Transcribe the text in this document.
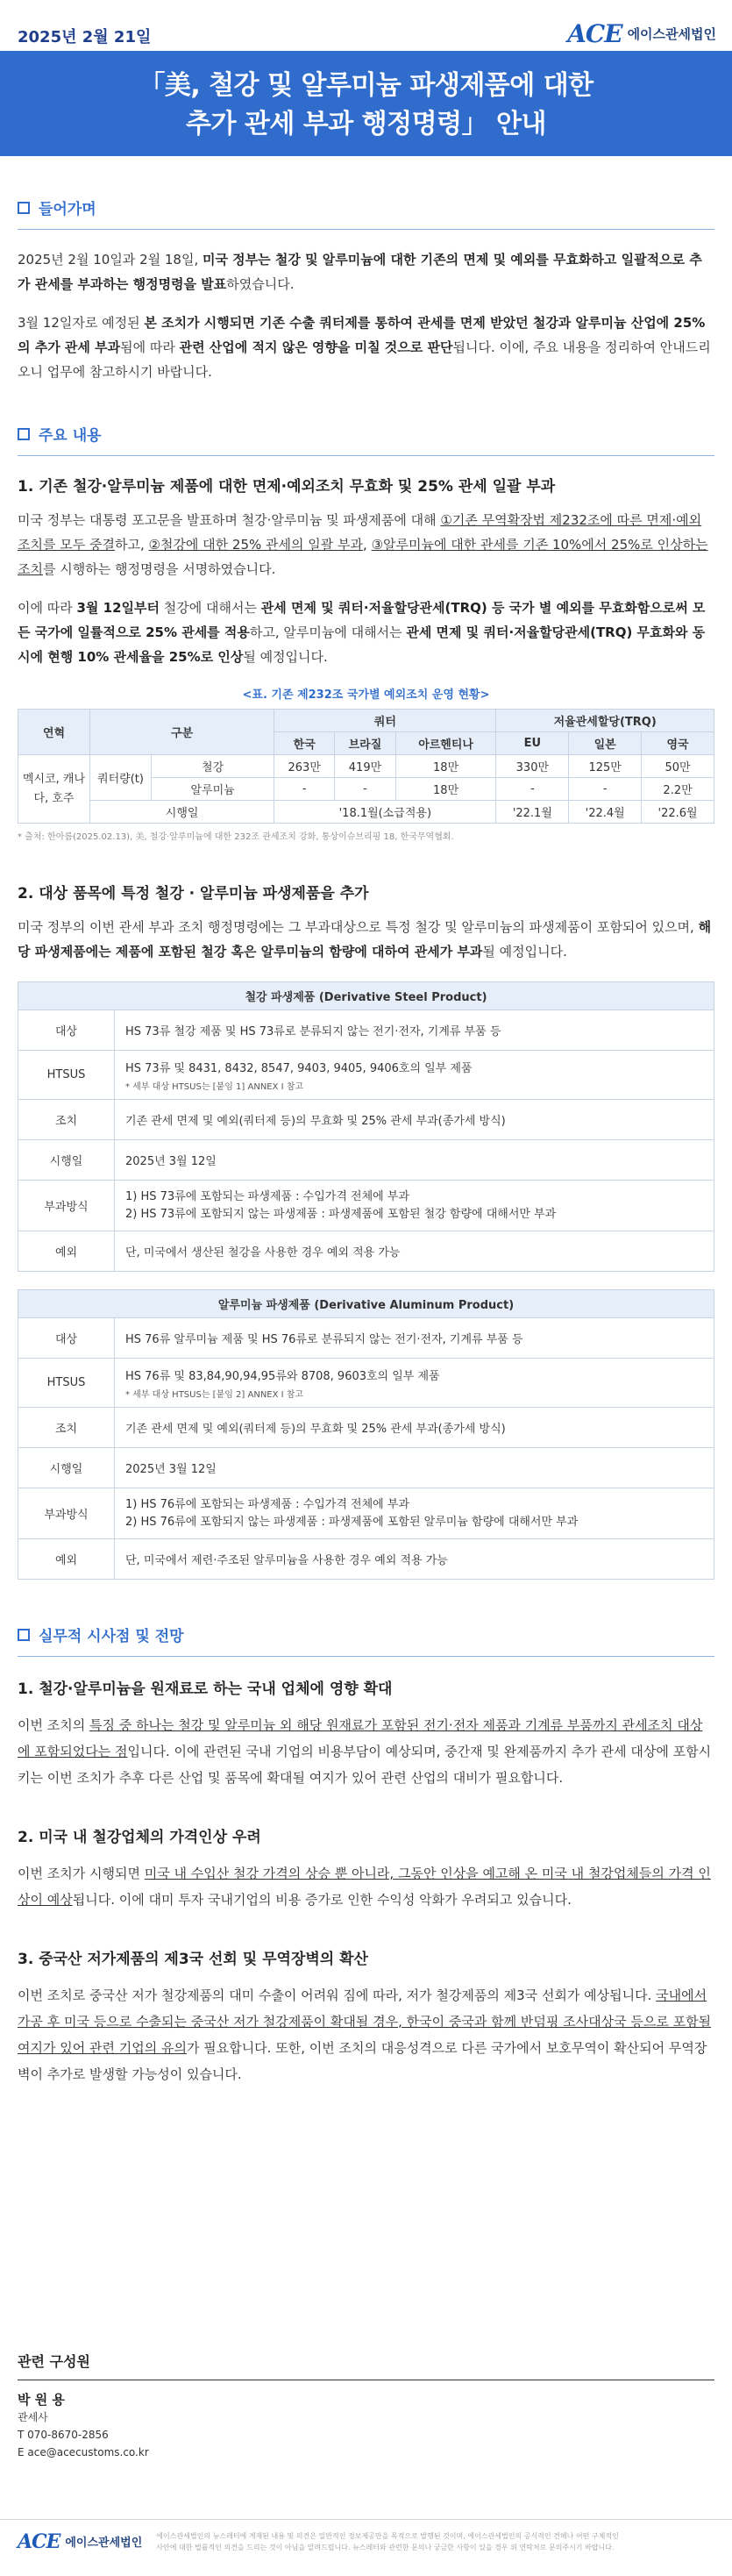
2025년 2월 21일	ACE 에이스관세법인
「美, 철강 및 알루미늄 파생제품에 대한
추가 관세 부과 행정명령」 안내
들어가며

2025년 2월 10일과 2월 18일, 미국 정부는 철강 및 알루미늄에 대한 기존의 면제 및 예외를 무효화하고 일괄적으로 추가 관세를 부과하는 행정명령을 발표하였습니다.

3월 12일자로 예정된 본 조치가 시행되면 기존 수출 쿼터제를 통하여 관세를 면제 받았던 철강과 알루미늄 산업에 25%의 추가 관세 부과됨에 따라 관련 산업에 적지 않은 영향을 미칠 것으로 판단됩니다. 이에, 주요 내용을 정리하여 안내드리오니 업무에 참고하시기 바랍니다.

주요 내용
1. 기존 철강·알루미늄 제품에 대한 면제·예외조치 무효화 및 25% 관세 일괄 부과

미국 정부는 대통령 포고문을 발표하며 철강·알루미늄 및 파생제품에 대해 ①기존 무역확장법 제232조에 따른 면제·예외 조치를 모두 중결하고, ②철강에 대한 25% 관세의 일괄 부과, ③알루미늄에 대한 관세를 기존 10%에서 25%로 인상하는 조치를 시행하는 행정명령을 서명하였습니다.

이에 따라 3월 12일부터 철강에 대해서는 관세 면제 및 쿼터·저율할당관세(TRQ) 등 국가 별 예외를 무효화함으로써 모든 국가에 일률적으로 25% 관세를 적용하고, 알루미늄에 대해서는 관세 면제 및 쿼터·저율할당관세(TRQ) 무효화와 동시에 현행 10% 관세율을 25%로 인상될 예정입니다.

<표. 기존 제232조 국가별 예외조치 운영 현황>
연혁	구분		쿼터			저율관세할당(TRQ)		
			한국	브라질	아르헨티나	EU	일본	영국
멕시코, 캐나다, 호주	쿼터량(t)	철강	263만	419만	18만	330만	125만	50만
		알루미늄	-	-	18만	-	-	2.2만
	시행일		'18.1월(소급적용)			'22.1월	'22.4월	'22.6월
* 출처: 한아름(2025.02.13), 美, 철강·알루미늄에 대한 232조 관세조치 강화, 통상이슈브리핑 18, 한국무역협회.
2. 대상 품목에 특정 철강 · 알루미늄 파생제품을 추가

미국 정부의 이번 관세 부과 조치 행정명령에는 그 부과대상으로 특정 철강 및 알루미늄의 파생제품이 포함되어 있으며, 해당 파생제품에는 제품에 포함된 철강 혹은 알루미늄의 함량에 대하여 관세가 부과될 예정입니다.

철강 파생제품 (Derivative Steel Product)	
대상	HS 73류 철강 제품 및 HS 73류로 분류되지 않는 전기·전자, 기계류 부품 등
HTSUS	HS 73류 및 8431, 8432, 8547, 9403, 9405, 9406호의 일부 제품
* 세부 대상 HTSUS는 [붙임 1] ANNEX I 참고

조치	기존 관세 면제 및 예외(쿼터제 등)의 무효화 및 25% 관세 부과(종가세 방식)
시행일	2025년 3월 12일
부과방식	1) HS 73류에 포함되는 파생제품 : 수입가격 전체에 부과
2) HS 73류에 포함되지 않는 파생제품 : 파생제품에 포함된 철강 함량에 대해서만 부과

예외	단, 미국에서 생산된 철강을 사용한 경우 예외 적용 가능
알루미늄 파생제품 (Derivative Aluminum Product)	
대상	HS 76류 알루미늄 제품 및 HS 76류로 분류되지 않는 전기·전자, 기계류 부품 등
HTSUS	HS 76류 및 83,84,90,94,95류와 8708, 9603호의 일부 제품
* 세부 대상 HTSUS는 [붙임 2] ANNEX I 참고

조치	기존 관세 면제 및 예외(쿼터제 등)의 무효화 및 25% 관세 부과(종가세 방식)
시행일	2025년 3월 12일
부과방식	1) HS 76류에 포함되는 파생제품 : 수입가격 전체에 부과
2) HS 76류에 포함되지 않는 파생제품 : 파생제품에 포함된 알루미늄 함량에 대해서만 부과

예외	단, 미국에서 제련·주조된 알루미늄을 사용한 경우 예외 적용 가능
실무적 시사점 및 전망
1. 철강·알루미늄을 원재료로 하는 국내 업체에 영향 확대

이번 조치의 특징 중 하나는 철강 및 알루미늄 외 해당 원재료가 포함된 전기·전자 제품과 기계류 부품까지 관세조치 대상에 포함되었다는 점입니다. 이에 관련된 국내 기업의 비용부담이 예상되며, 중간재 및 완제품까지 추가 관세 대상에 포함시키는 이번 조치가 추후 다른 산업 및 품목에 확대될 여지가 있어 관련 산업의 대비가 필요합니다.

2. 미국 내 철강업체의 가격인상 우려

이번 조치가 시행되면 미국 내 수입산 철강 가격의 상승 뿐 아니라, 그동안 인상을 예고해 온 미국 내 철강업체들의 가격 인상이 예상됩니다. 이에 대미 투자 국내기업의 비용 증가로 인한 수익성 악화가 우려되고 있습니다.

3. 중국산 저가제품의 제3국 선회 및 무역장벽의 확산

이번 조치로 중국산 저가 철강제품의 대미 수출이 어려워 짐에 따라, 저가 철강제품의 제3국 선회가 예상됩니다. 국내에서 가공 후 미국 등으로 수출되는 중국산 저가 철강제품이 확대될 경우, 한국이 중국과 함께 반덤핑 조사대상국 등으로 포함될 여지가 있어 관련 기업의 유의가 필요합니다. 또한, 이번 조치의 대응성격으로 다른 국가에서 보호무역이 확산되어 무역장벽이 추가로 발생할 가능성이 있습니다.

관련 구성원
박 원 용
관세사
T 070-8670-2856
E ace@acecustoms.co.kr
ACE 에이스관세법인
에이스관세법인의 뉴스레터에 게재된 내용 및 의견은 일반적인 정보제공만을 목적으로 발행된 것이며, 에이스관세법인의 공식적인 견해나 어떤 구체적인
사안에 대한 법률적인 의견을 드리는 것이 아님을 알려드립니다. 뉴스레터와 관련한 문의나 궁금한 사항이 있을 경우 위 연락처로 문의주시기 바랍니다.
